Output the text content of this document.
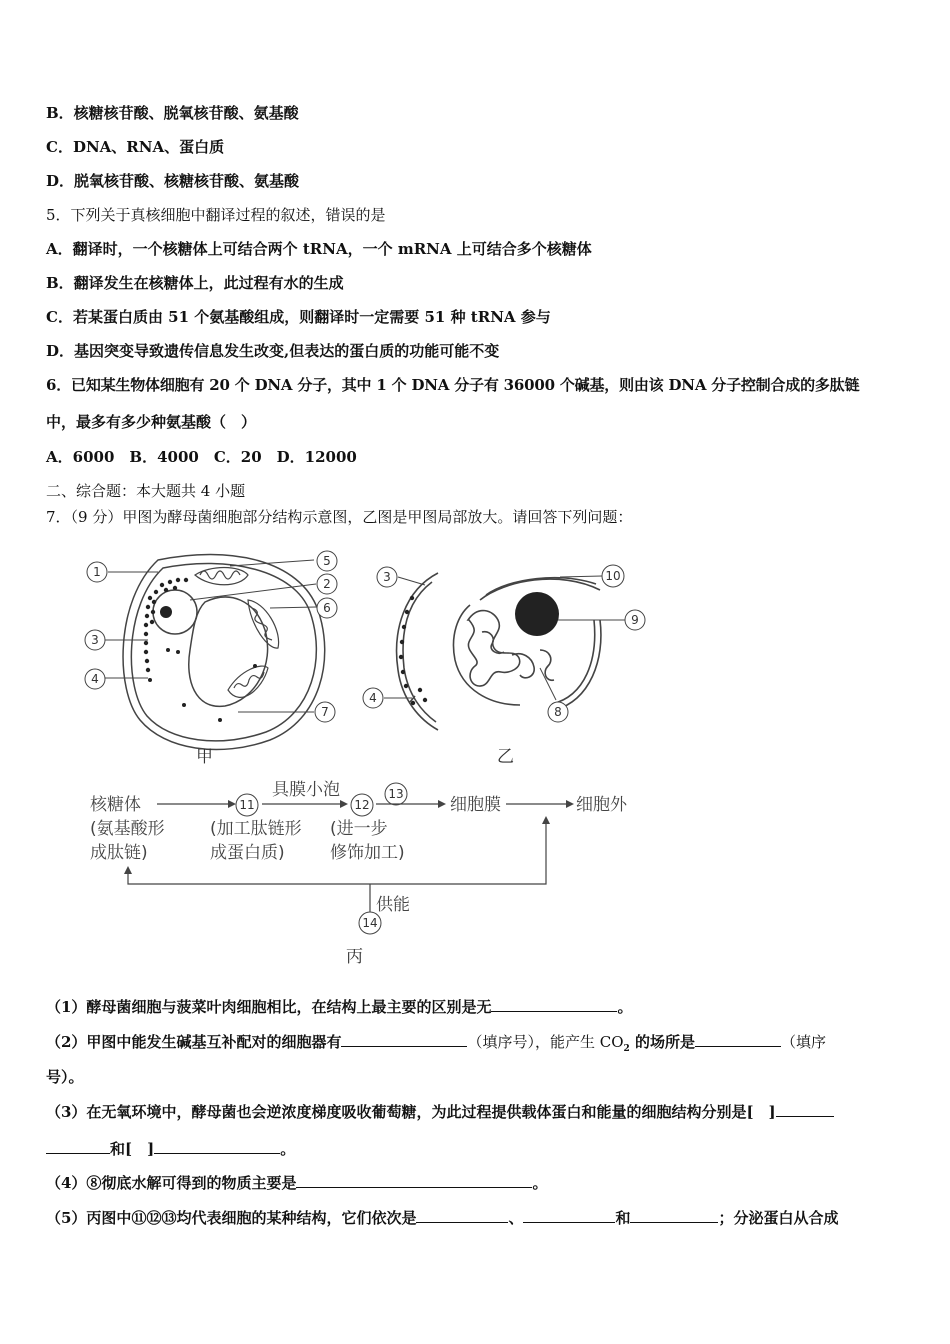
B．核糖核苷酸、脱氧核苷酸、氨基酸
C．DNA、RNA、蛋白质
D．脱氧核苷酸、核糖核苷酸、氨基酸
5．下列关于真核细胞中翻译过程的叙述，错误的是
A．翻译时，一个核糖体上可结合两个 tRNA，一个 mRNA 上可结合多个核糖体
B．翻译发生在核糖体上，此过程有水的生成
C．若某蛋白质由 51 个氨基酸组成，则翻译时一定需要 51 种 tRNA 参与
D．基因突变导致遗传信息发生改变,但表达的蛋白质的功能可能不变
6．已知某生物体细胞有 20 个 DNA 分子，其中 1 个 DNA 分子有 36000 个碱基，则由该 DNA 分子控制合成的多肽链
中，最多有多少种氨基酸（　）
A．6000　B．4000　C．20　D．12000
二、综合题：本大题共 4 小题
7．（9 分）甲图为酵母菌细胞部分结构示意图，乙图是甲图局部放大。请回答下列问题：
1
5
2
6
3
4
7
甲
3	10
9
8
4
乙
核糖体
(氨基酸形
成肽链)
11
(加工肽链形
成蛋白质)
具膜小泡
12
13
(进一步
修饰加工)
细胞膜	细胞外
供能
14
丙
（1）酵母菌细胞与菠菜叶肉细胞相比，在结构上最主要的区别是无	。
（2）甲图中能发生碱基互补配对的细胞器有	（填序号），能产生 $CO_2$ 的场所是	（填序
号）。
（3）在无氧环境中，酵母菌也会逆浓度梯度吸收葡萄糖，为此过程提供载体蛋白和能量的细胞结构分别是[　]
和[　]	。
（4）⑧彻底水解可得到的物质主要是	。
（5）丙图中⑪⑫⑬均代表细胞的某种结构，它们依次是	、	和	；分泌蛋白从合成
